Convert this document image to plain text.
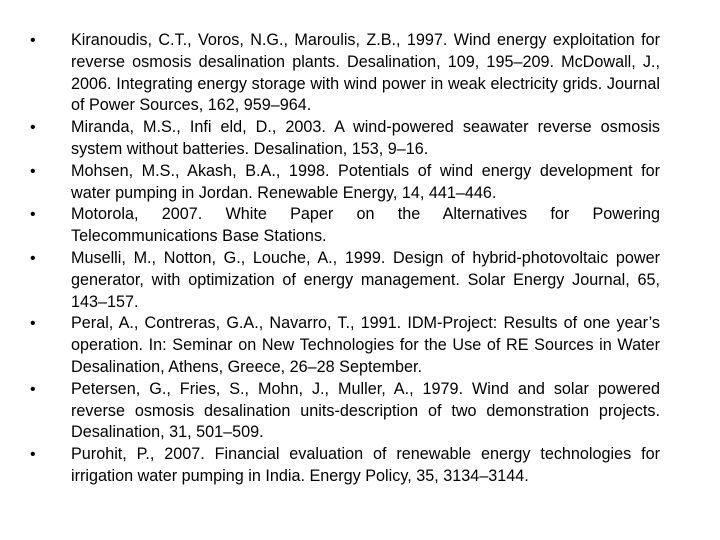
•	Kiranoudis, C.T., Voros, N.G., Maroulis, Z.B., 1997. Wind energy exploitation for reverse osmosis desalination plants. Desalination, 109, 195–209. McDowall, J., 2006. Integrating energy storage with wind power in weak electricity grids. Journal of Power Sources, 162, 959–964.
•	Miranda, M.S., Infi eld, D., 2003. A wind-powered seawater reverse osmosis system without batteries. Desalination, 153, 9–16.
•	Mohsen, M.S., Akash, B.A., 1998. Potentials of wind energy development for water pumping in Jordan. Renewable Energy, 14, 441–446.
•	Motorola, 2007. White Paper on the Alternatives for Powering Telecommunications Base Stations.
•	Muselli, M., Notton, G., Louche, A., 1999. Design of hybrid-photovoltaic power generator, with optimization of energy management. Solar Energy Journal, 65, 143–157.
•	Peral, A., Contreras, G.A., Navarro, T., 1991. IDM-Project: Results of one year’s operation. In: Seminar on New Technologies for the Use of RE Sources in Water Desalination, Athens, Greece, 26–28 September.
•	Petersen, G., Fries, S., Mohn, J., Muller, A., 1979. Wind and solar powered reverse osmosis desalination units-description of two demonstration projects. Desalination, 31, 501–509.
•	Purohit, P., 2007. Financial evaluation of renewable energy technologies for irrigation water pumping in India. Energy Policy, 35, 3134–3144.
